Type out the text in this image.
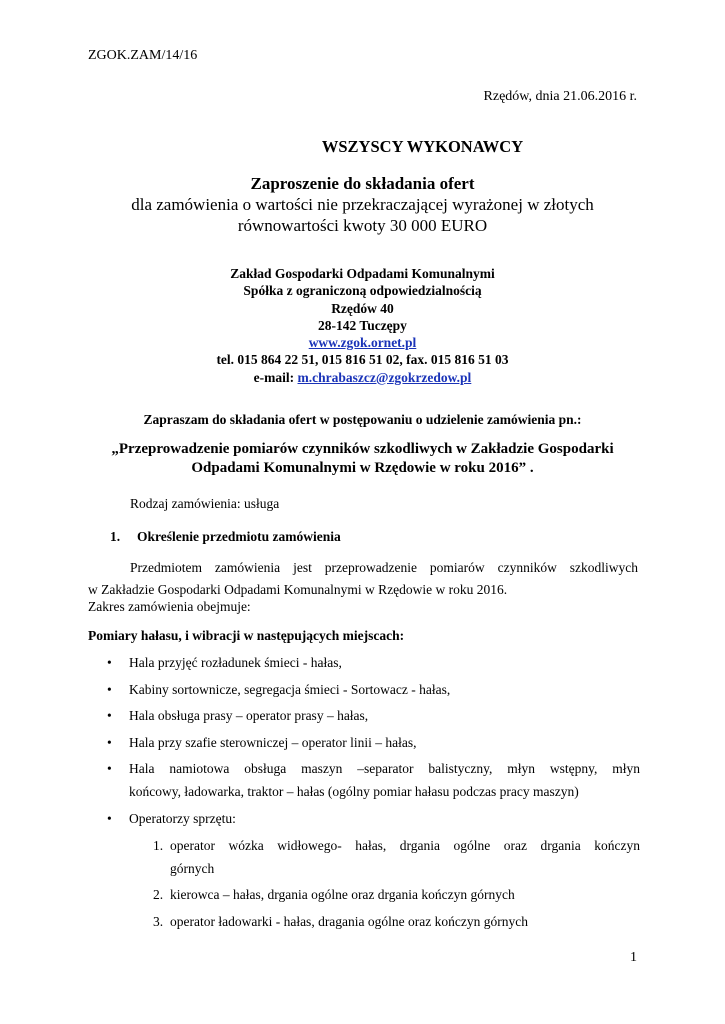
ZGOK.ZAM/14/16
Rzędów, dnia 21.06.2016 r.
WSZYSCY WYKONAWCY
Zaproszenie do składania ofert
dla zamówienia o wartości nie przekraczającej wyrażonej w złotych
równowartości kwoty 30 000 EURO
Zakład Gospodarki Odpadami Komunalnymi
Spółka z ograniczoną odpowiedzialnością
Rzędów 40
28-142 Tuczępy
www.zgok.ornet.pl
tel. 015 864 22 51, 015 816 51 02, fax. 015 816 51 03
e-mail: m.chrabaszcz@zgokrzedow.pl
Zapraszam do składania ofert w postępowaniu o udzielenie zamówienia pn.:
„Przeprowadzenie pomiarów czynników szkodliwych w Zakładzie Gospodarki
Odpadami Komunalnymi w Rzędowie w roku 2016” .
Rodzaj zamówienia: usługa
1. Określenie przedmiotu zamówienia
Przedmiotem zamówienia jest przeprowadzenie pomiarów czynników szkodliwych
w Zakładzie Gospodarki Odpadami Komunalnymi w Rzędowie w roku 2016.
Zakres zamówienia obejmuje:
Pomiary hałasu, i wibracji w następujących miejscach:
• Hala przyjęć rozładunek śmieci - hałas,
• Kabiny sortownicze, segregacja śmieci - Sortowacz - hałas,
• Hala obsługa prasy – operator prasy – hałas,
• Hala przy szafie sterowniczej – operator linii – hałas,
• Hala namiotowa obsługa maszyn –separator balistyczny, młyn wstępny, młyn
końcowy, ładowarka, traktor – hałas (ogólny pomiar hałasu podczas pracy maszyn)
• Operatorzy sprzętu:
1. operator wózka widłowego- hałas, drgania ogólne oraz drgania kończyn
górnych
2. kierowca – hałas, drgania ogólne oraz drgania kończyn górnych
3. operator ładowarki - hałas, dragania ogólne oraz kończyn górnych
1
